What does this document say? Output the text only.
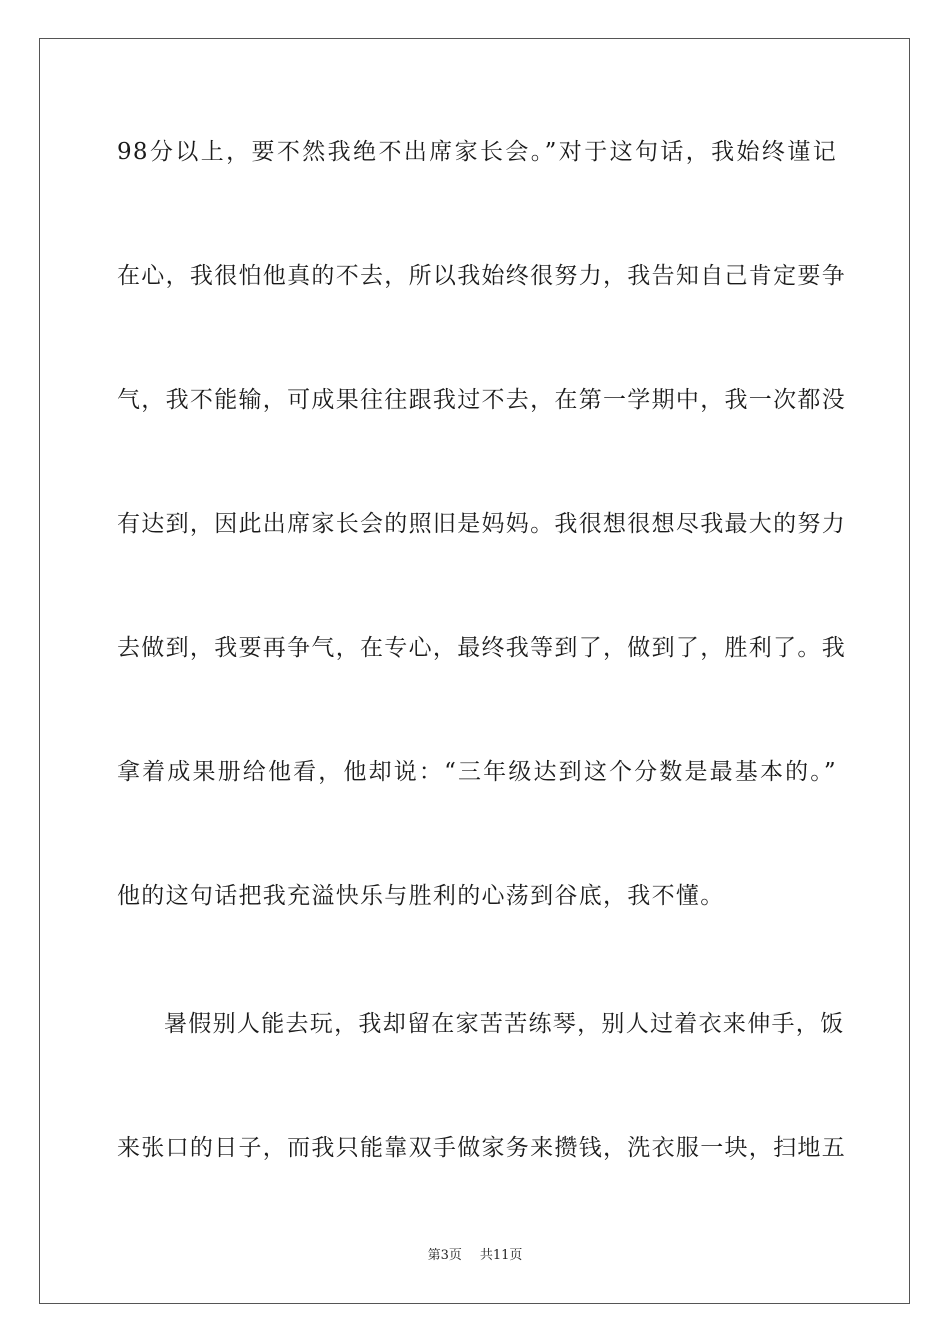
98分以上，要不然我绝不出席家长会。”对于这句话，我始终谨记
在心，我很怕他真的不去，所以我始终很努力，我告知自己肯定要争
气，我不能输，可成果往往跟我过不去，在第一学期中，我一次都没
有达到，因此出席家长会的照旧是妈妈。我很想很想尽我最大的努力
去做到，我要再争气，在专心，最终我等到了，做到了，胜利了。我
拿着成果册给他看，他却说：“三年级达到这个分数是最基本的。”
他的这句话把我充溢快乐与胜利的心荡到谷底，我不懂。
暑假别人能去玩，我却留在家苦苦练琴，别人过着衣来伸手，饭
来张口的日子，而我只能靠双手做家务来攒钱，洗衣服一块，扫地五
第3页 共11页
